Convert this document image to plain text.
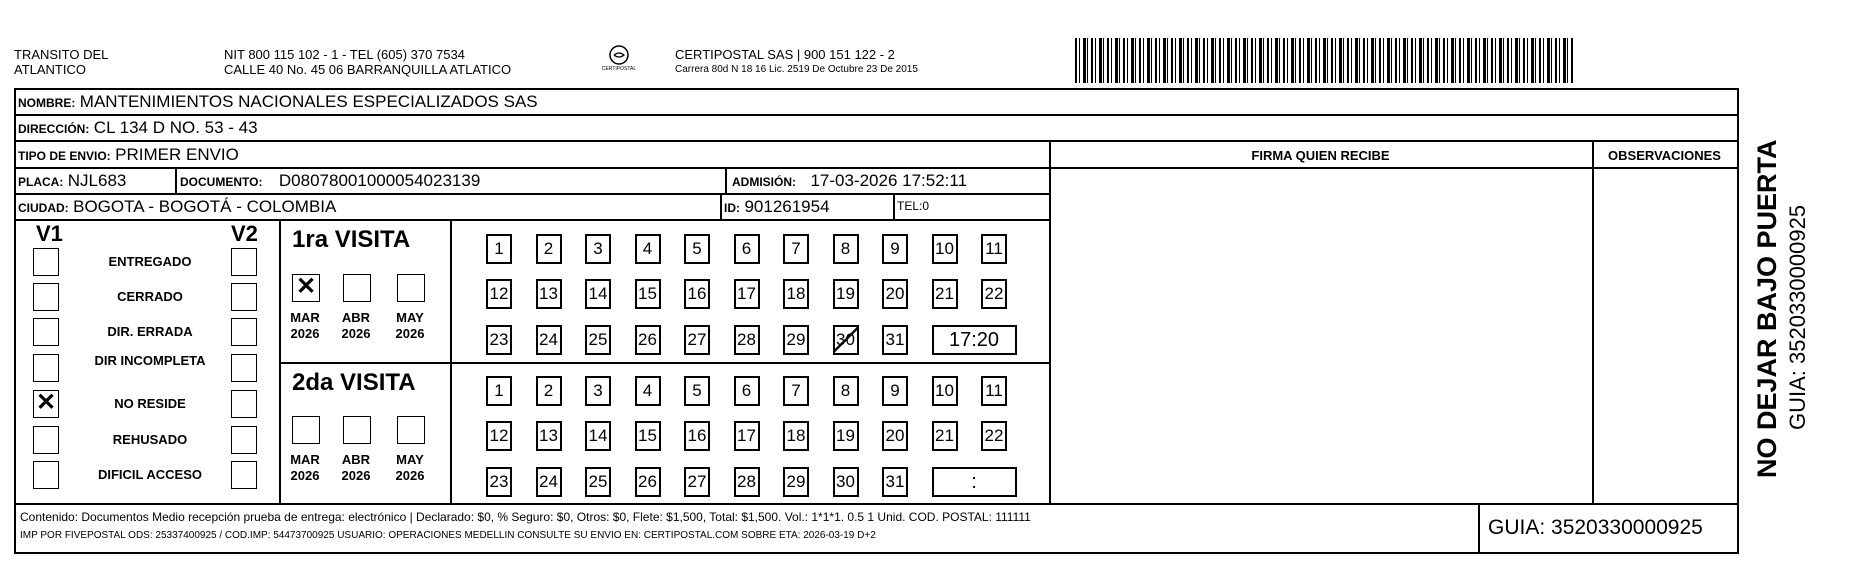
TRANSITO DEL
ATLANTICO
NIT 800 115 102 - 1 - TEL (605) 370 7534
CALLE 40 No. 45 06 BARRANQUILLA ATLATICO	CERTIPOSTAL
CERTIPOSTAL SAS | 900 151 122 - 2
Carrera 80d N 18 16 Lic. 2519 De Octubre 23 De 2015
NOMBRE: MANTENIMIENTOS NACIONALES ESPECIALIZADOS SAS
DIRECCIÓN: CL 134 D NO. 53 - 43
TIPO DE ENVIO: PRIMER ENVIO	FIRMA QUIEN RECIBE	OBSERVACIONES
PLACA: NJL683	DOCUMENTO: D08078001000054023139	ADMISIÓN: 17-03-2026 17:52:11
CIUDAD: BOGOTA - BOGOTÁ - COLOMBIA	ID: 901261954	TEL:0
V1	V2
ENTREGADO
CERRADO
DIR. ERRADA
DIR INCOMPLETA
✕	NO RESIDE
REHUSADO
DIFICIL ACCESO
1ra VISITA
✕
MAR
2026
ABR
2026
MAY
2026
1	2	3	4	5	6	7	8	9	10 11
12 13 14 15 16 17 18 19 20 21 22
23 24 25 26 27 28 29 30 31	17:20
2da VISITA
MAR
2026
ABR
2026
MAY
2026
1	2	3	4	5	6	7	8	9	10 11
12 13 14 15 16 17 18 19 20 21 22
23 24 25 26 27 28 29 30 31	:
Contenido: Documentos Medio recepción prueba de entrega: electrónico | Declarado: $0, % Seguro: $0, Otros: $0, Flete: $1,500, Total: $1,500. Vol.: 1*1*1. 0.5 1 Unid. COD. POSTAL: 111111
IMP POR FIVEPOSTAL ODS: 25337400925 / COD.IMP: 54473700925 USUARIO: OPERACIONES MEDELLIN CONSULTE SU ENVIO EN: CERTIPOSTAL.COM SOBRE ETA: 2026-03-19 D+2	GUIA: 3520330000925
NO DEJAR BAJO PUERTA GUIA: 3520330000925
